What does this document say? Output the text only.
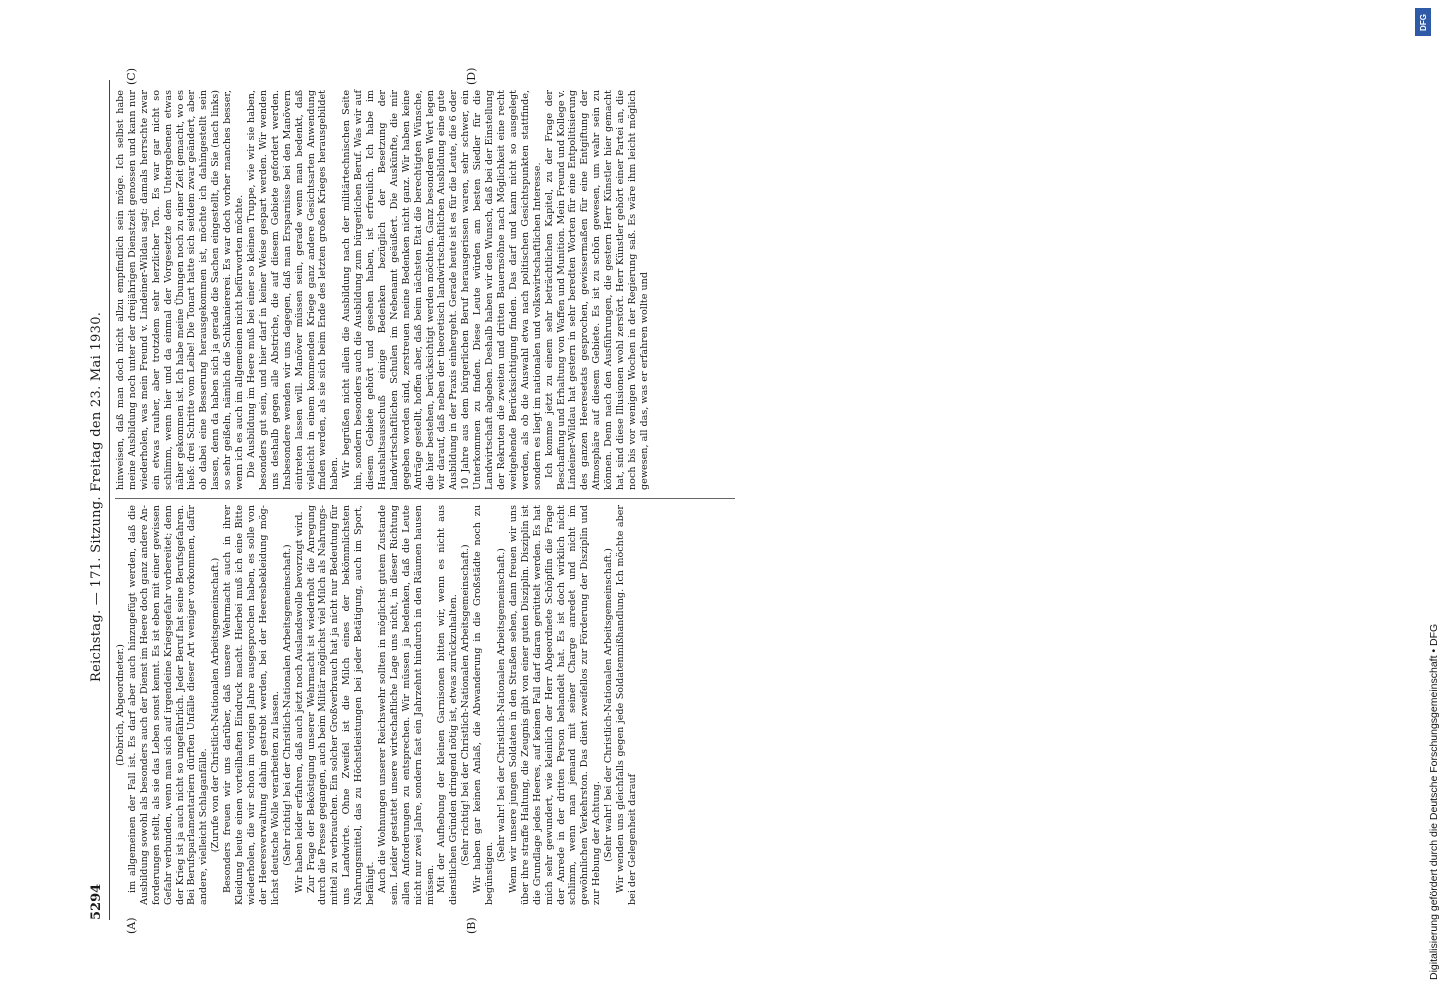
5294
Reichstag. — 171. Sitzung. Freitag den 23. Mai 1930.

(Dobrich, Abgeordneter.) im allgemeinen der Fall ist. Es darf aber auch hinzugefügt werden, daß die Ausbildung sowohl als besonders auch der Dienst im Heere doch ganz andere Anforderungen stellt, als sie das Leben sonst kennt. Es ist eben mit einer gewissen Gefahr verbunden, wenn man sich auf irgendeine Kriegsgefahr vorbereitet; denn der Krieg ist ja auch nicht so ungefährlich. Jeder Beruf hat seine Berufsgefahren. Bei Berufsparlamentariern dürften Unfälle dieser Art weniger vorkommen, dafür andere, vielleicht Schlaganfälle. (Zurufe von der Christlich-Nationalen Arbeitsgemeinschaft.) Besonders freuen wir uns darüber, daß unsere Wehrmacht auch in ihrer Kleidung heute einen vorteilhaften Eindruck macht. Hierbei muß ich eine Bitte wiederholen, die wir schon im vorigen Jahre ausgesprochen haben, es solle von der Heeresverwaltung dahin gestrebt werden, bei der Heeresbekleidung möglichst deutsche Wolle verarbeiten zu lassen. (Sehr richtig! bei der Christlich-Nationalen Arbeitsgemeinschaft.) Wir haben leider erfahren, daß auch jetzt noch Auslandswolle bevorzugt wird. Zur Frage der Beköstigung unserer Wehrmacht ist wiederholt die Anregung durch die Presse gegangen, auch beim Militär möglichst viel Milch als Nahrungsmittel zu verbrauchen. Ein solcher Großverbrauch hat ja nicht nur Bedeutung für uns Landwirte. Ohne Zweifel ist die Milch eines der bekömmlichsten Nahrungsmittel, das zu Höchstleistungen bei jeder Betätigung, auch im Sport, befähigt. Auch die Wohnungen unserer Reichswehr sollten in möglichst gutem Zustande sein. Leider gestattet unsere wirtschaftliche Lage uns nicht, in dieser Richtung allen Anforderungen zu entsprechen. Wir müssen ja bedenken, daß die Leute nicht nur zwei Jahre, sondern fast ein Jahrzehnt hindurch in den Räumen hausen müssen. Mit der Aufhebung der kleinen Garnisonen bitten wir, wenn es nicht aus dienstlichen Gründen dringend nötig ist, etwas zurückzuhalten. (Sehr richtig! bei der Christlich-Nationalen Arbeitsgemeinschaft.) Wir haben gar keinen Anlaß, die Abwanderung in die Großstädte noch zu begünstigen.

(Sehr wahr! bei der Christlich-Nationalen Arbeitsgemeinschaft.) Wenn wir unsere jungen Soldaten in den Straßen sehen, dann freuen wir uns über ihre straffe Haltung, die Zeugnis gibt von einer guten Disziplin. Disziplin ist die Grundlage jedes Heeres, auf keinen Fall darf daran gerüttelt werden. Es hat mich sehr gewundert, wie kleinlich der Herr Abgeordnete Schöpflin die Frage der Anrede in der dritten Person behandelt hat. Es ist doch wirklich nicht schlimm, wenn man jemand mit seiner Charge anredet und nicht im gewöhnlichen Verkehrston. Das dient zweifellos zur Förderung der Disziplin und zur Hebung der Achtung. (Sehr wahr! bei der Christlich-Nationalen Arbeitsgemeinschaft.) Wir wenden uns gleichfalls gegen jede Soldatenmißhandlung. Ich möchte aber bei der Gelegenheit darauf

hinweisen, daß man doch nicht allzu empfindlich sein möge. Ich selbst habe meine Ausbildung noch unter der dreijährigen Dienstzeit genossen und kann nur wiederholen, was mein Freund v. Lindeiner-Wildau sagt: damals herrschte zwar ein etwas rauher, aber trotzdem sehr herzlicher Ton. Es war gar nicht so schlimm, wenn hier und da einmal der Vorgesetzte dem Untergebenen etwas näher gekommen ist. Ich habe meine Übungen noch zu einer Zeit gemacht, wo es hieß: drei Schritte vom Leibe! Die Tonart hatte sich seitdem zwar geändert, aber ob dabei eine Besserung herausgekommen ist, möchte ich dahingestellt sein lassen, denn da haben sich ja gerade die Sachen eingestellt, die Sie (nach links) so sehr geißeln, nämlich die Schikaniererei. Es war doch vorher manches besser, wenn ich es auch im allgemeinen nicht befürworten möchte. Die Ausbildung im Heere muß bei einer so kleinen Truppe, wie wir sie haben, besonders gut sein, und hier darf in keiner Weise gespart werden. Wir wenden uns deshalb gegen alle Abstriche, die auf diesem Gebiete gefordert werden. Insbesondere wenden wir uns dagegen, daß man Ersparnisse bei den Manövern eintreten lassen will. Manöver müssen sein, gerade wenn man bedenkt, daß vielleicht in einem kommenden Kriege ganz andere Gesichtsarten Anwendung finden werden, als sie sich beim Ende des letzten großen Krieges herausgebildet haben. Wir begrüßen nicht allein die Ausbildung nach der militärtechnischen Seite hin, sondern besonders auch die Ausbildung zum bürgerlichen Beruf. Was wir auf diesem Gebiete gehört und gesehen haben, ist erfreulich. Ich habe im Haushaltsausschuß einige Bedenken bezüglich der Besetzung der landwirtschaftlichen Schulen im Nebenamt geäußert. Die Auskünfte, die mir gegeben worden sind, zerstreuen meine Bedenken nicht ganz. Wir haben keine Anträge gestellt, hoffen aber, daß beim nächsten Etat die berechtigten Wünsche, die hier bestehen, berücksichtigt werden möchten. Ganz besonderen Wert legen wir darauf, daß neben der theoretisch landwirtschaftlichen Ausbildung eine gute Ausbildung in der Praxis einhergeht. Gerade heute ist es für die Leute, die 6 oder 10 Jahre aus dem bürgerlichen Beruf herausgerissen waren, sehr schwer, ein Unterkommen zu finden. Diese Leute würden am besten Siedler für die Landwirtschaft abgeben. Deshalb haben wir den Wunsch, daß bei der Einstellung der Rekruten die zweiten und dritten Bauernsöhne nach Möglichkeit eine recht weitgehende Berücksichtigung finden. Das darf und kann nicht so ausgelegt werden, als ob die Auswahl etwa nach politischen Gesichtspunkten stattfinde, sondern es liegt im nationalen und volkswirtschaftlichen Interesse. Ich komme jetzt zu einem sehr beträchtlichen Kapitel, zu der Frage der Beschaffung und Erhaltung von Waffen und Munition. Mein Freund und Kollege v. Lindeiner-Wildau hat gestern in sehr beredten Worten für eine Entpolitisierung des ganzen Heeresetats gesprochen, gewissermaßen für eine Entgiftung der Atmosphäre auf diesem Gebiete. Es ist zu schön gewesen, um wahr sein zu können. Denn nach den Ausführungen, die gestern Herr Künstler hier gemacht hat, sind diese Illusionen wohl zerstört. Herr Künstler gehört einer Partei an, die noch bis vor wenigen Wochen in der Regierung saß. Es wäre ihm leicht möglich gewesen, all das, was er erfahren wollte und

(A)	(B)
(C)	(D)
DFG
Digitalisierung gefördert durch die Deutsche Forschungsgemeinschaft • DFG
